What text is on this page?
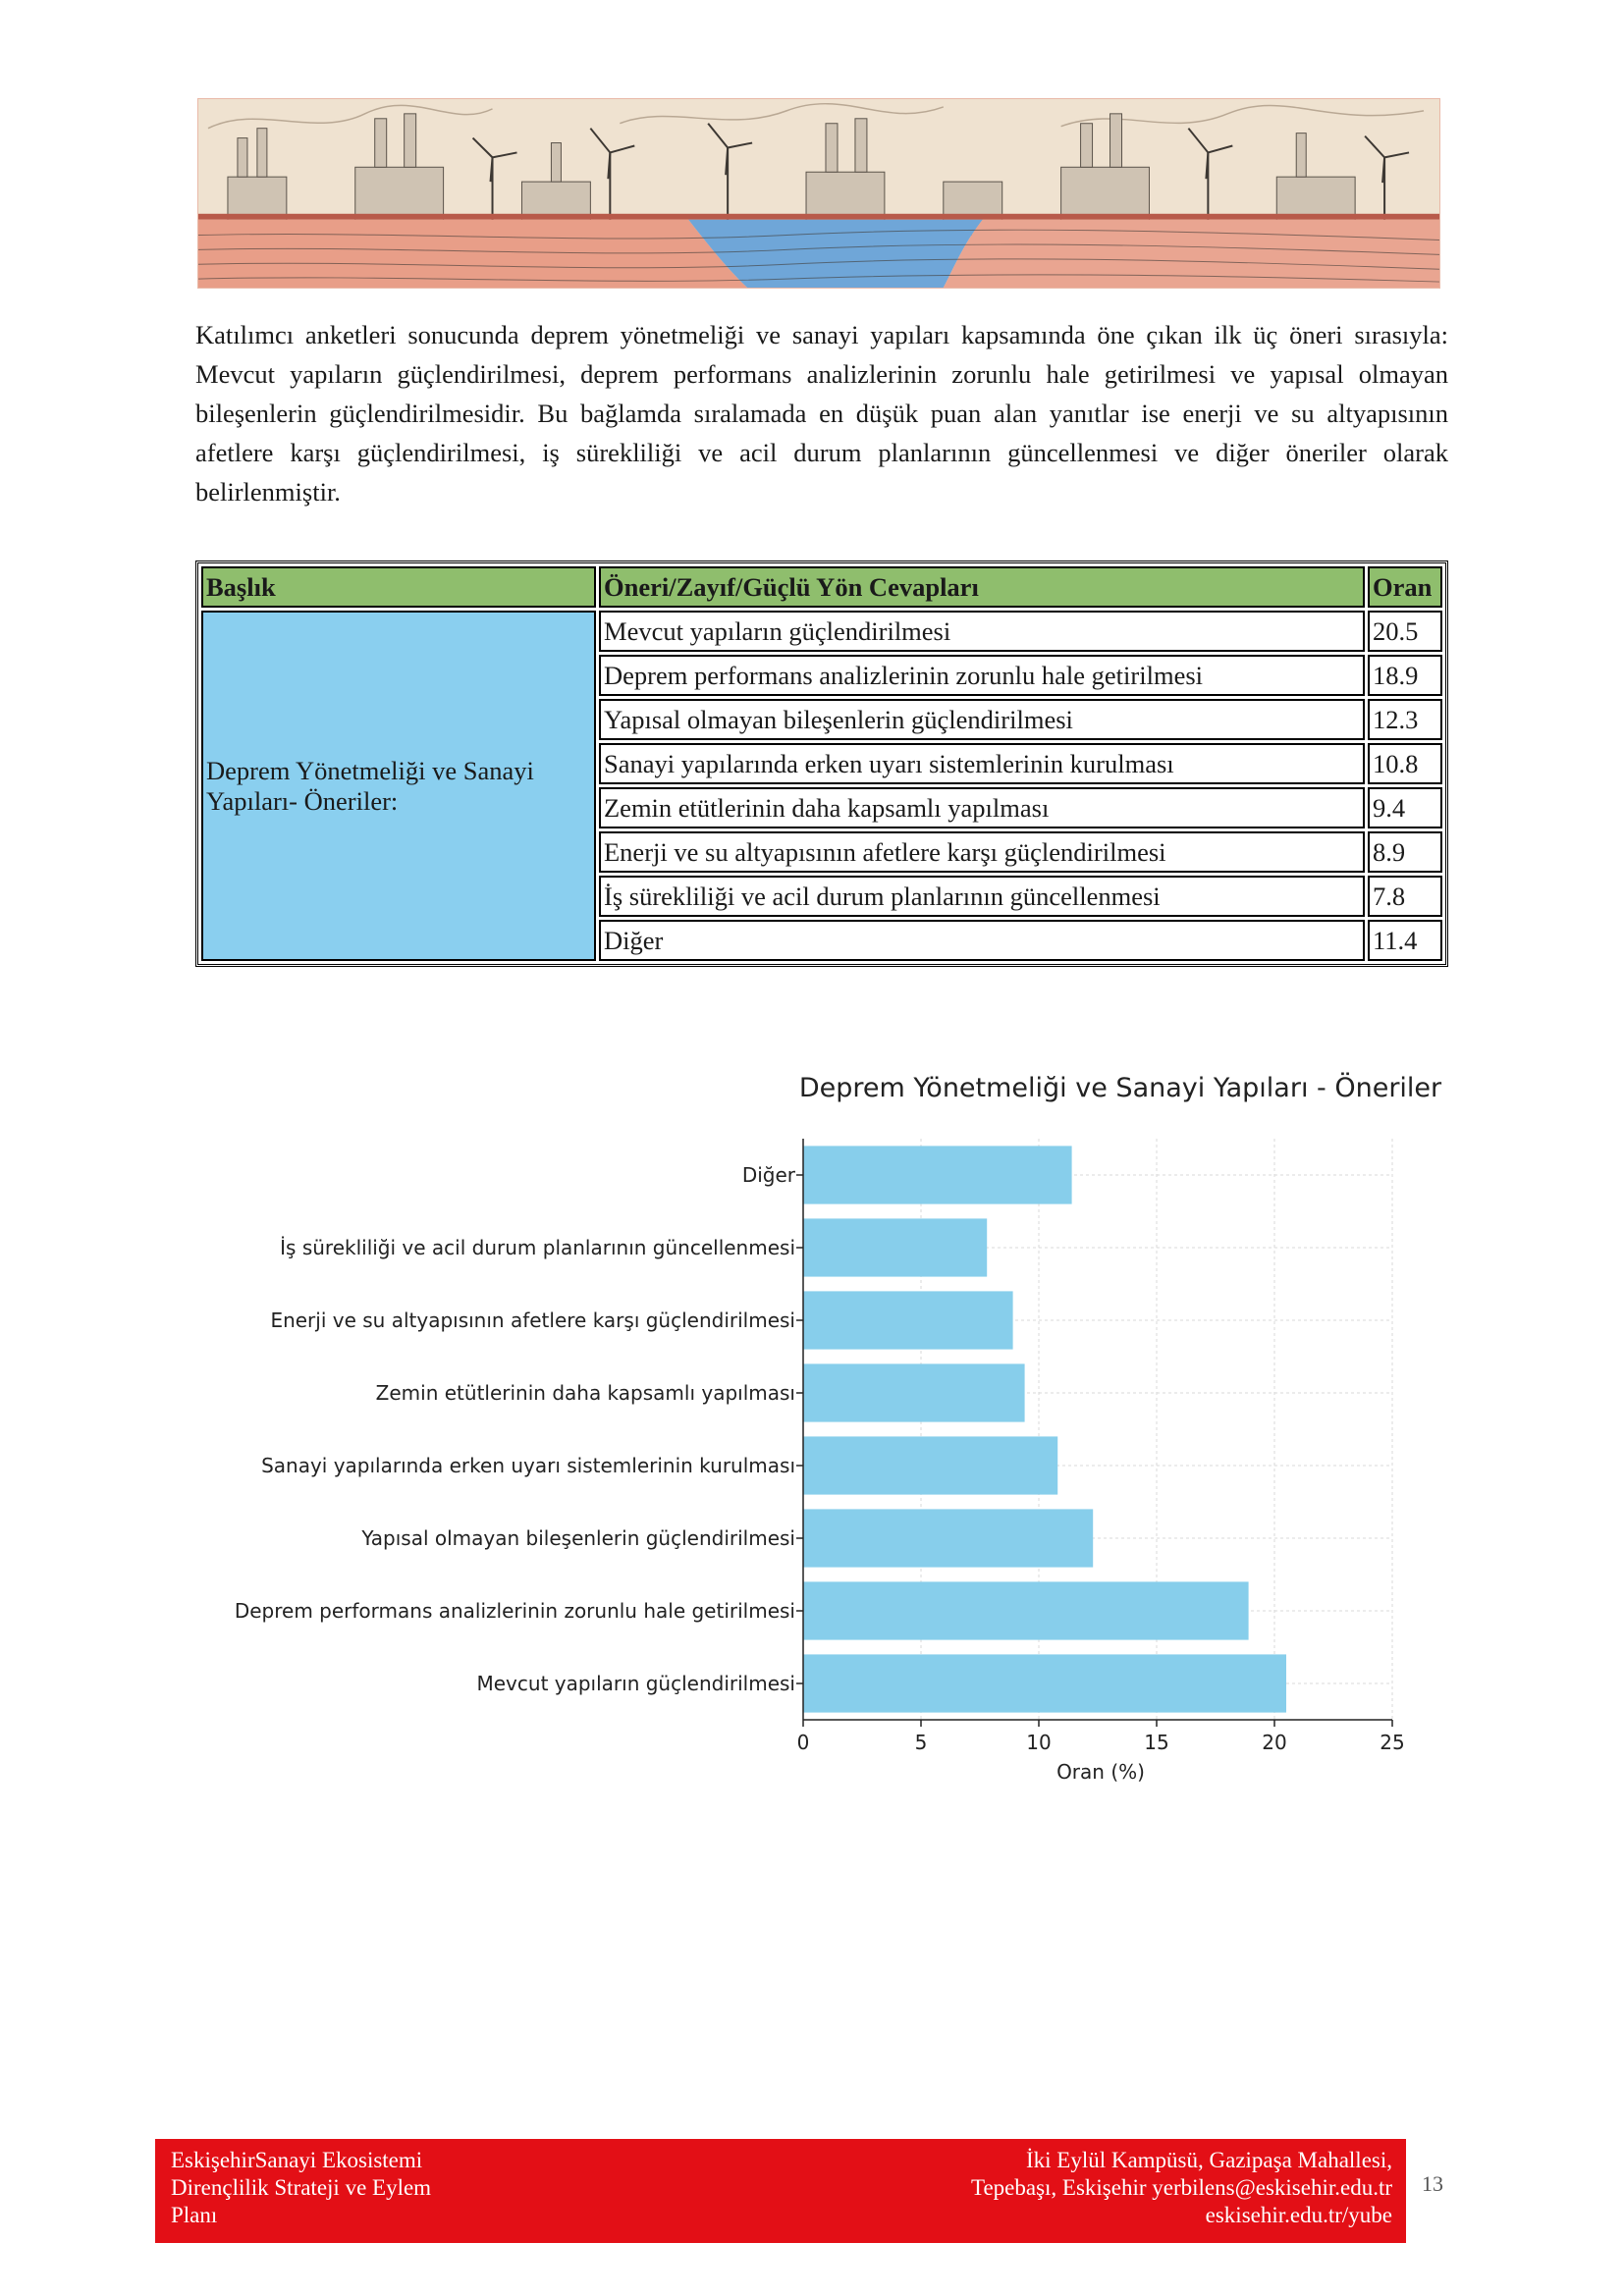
Katılımcı anketleri sonucunda deprem yönetmeliği ve sanayi yapıları kapsamında öne çıkan ilk üç öneri sırasıyla: Mevcut yapıların güçlendirilmesi, deprem performans analizlerinin zorunlu hale getirilmesi ve yapısal olmayan bileşenlerin güçlendirilmesidir. Bu bağlamda sıralamada en düşük puan alan yanıtlar ise enerji ve su altyapısının afetlere karşı güçlendirilmesi, iş sürekliliği ve acil durum planlarının güncellenmesi ve diğer öneriler olarak belirlenmiştir.

Başlık	Öneri/Zayıf/Güçlü Yön Cevapları	Oran
Deprem Yönetmeliği ve Sanayi Yapıları- Öneriler:	Mevcut yapıların güçlendirilmesi	20.5
	Deprem performans analizlerinin zorunlu hale getirilmesi	18.9
	Yapısal olmayan bileşenlerin güçlendirilmesi	12.3
	Sanayi yapılarında erken uyarı sistemlerinin kurulması	10.8
	Zemin etütlerinin daha kapsamlı yapılması	9.4
	Enerji ve su altyapısının afetlere karşı güçlendirilmesi	8.9
	İş sürekliliği ve acil durum planlarının güncellenmesi	7.8
	Diğer	11.4
Deprem Yönetmeliği ve Sanayi Yapıları - Öneriler
0	5	10	15	20	25
Mevcut yapıların güçlendirilmesi
Deprem performans analizlerinin zorunlu hale getirilmesi
Yapısal olmayan bileşenlerin güçlendirilmesi
Sanayi yapılarında erken uyarı sistemlerinin kurulması
Zemin etütlerinin daha kapsamlı yapılması
Enerji ve su altyapısının afetlere karşı güçlendirilmesi
İş sürekliliği ve acil durum planlarının güncellenmesi
Diğer
Oran (%)
EskişehirSanayi Ekosistemi
Dirençlilik Strateji ve Eylem
Planı
İki Eylül Kampüsü, Gazipaşa Mahallesi,
Tepebaşı, Eskişehir yerbilens@eskisehir.edu.tr
eskisehir.edu.tr/yube
13
